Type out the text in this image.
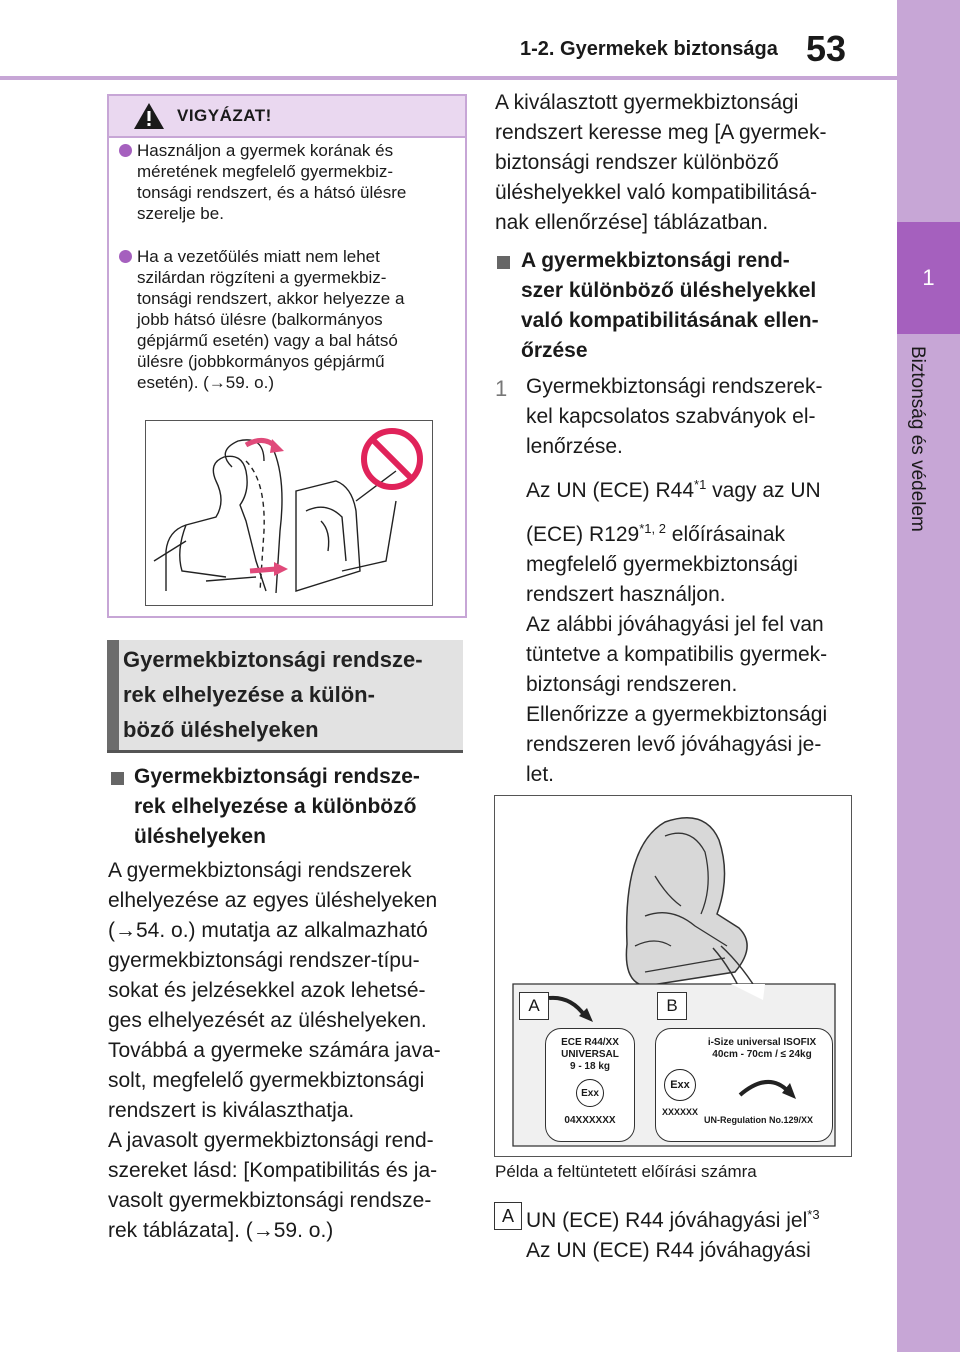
1-2. Gyermekek biztonsága 53
1
Biztonság és védelem
VIGYÁZAT!
Használjon a gyermek korának és
méretének megfelelő gyermekbiz-
tonsági rendszert, és a hátsó ülésre
szerelje be.
Ha a vezetőülés miatt nem lehet
szilárdan rögzíteni a gyermekbiz-
tonsági rendszert, akkor helyezze a
jobb hátsó ülésre (balkormányos
gépjármű esetén) vagy a bal hátsó
ülésre (jobbkormányos gépjármű
esetén). (→59. o.)
Gyermekbiztonsági rendsze-
rek elhelyezése a külön-
böző üléshelyeken
Gyermekbiztonsági rendsze-
rek elhelyezése a különböző
üléshelyeken
A gyermekbiztonsági rendszerek
elhelyezése az egyes üléshelyeken
(→54. o.) mutatja az alkalmazható
gyermekbiztonsági rendszer-típu-
sokat és jelzésekkel azok lehetsé-
ges elhelyezését az üléshelyeken.
Továbbá a gyermeke számára java-
solt, megfelelő gyermekbiztonsági
rendszert is kiválaszthatja.
A javasolt gyermekbiztonsági rend-
szereket lásd: [Kompatibilitás és ja-
vasolt gyermekbiztonsági rendsze-
rek táblázata]. (→59. o.)
A kiválasztott gyermekbiztonsági
rendszert keresse meg [A gyermek-
biztonsági rendszer különböző
üléshelyekkel való kompatibilitásá-
nak ellenőrzése] táblázatban.
A gyermekbiztonsági rend-
szer különböző üléshelyekkel
való kompatibilitásának ellen-
őrzése
1 Gyermekbiztonsági rendszerek-
kel kapcsolatos szabványok el-
lenőrzése.
Az UN (ECE) R44$^{*1}$ vagy az UN
(ECE) R129$^{*1, 2}$ előírásainak
megfelelő gyermekbiztonsági
rendszert használjon.
Az alábbi jóváhagyási jel fel van
tüntetve a kompatibilis gyermek-
biztonsági rendszeren.
Ellenőrizze a gyermekbiztonsági
rendszeren levő jóváhagyási je-
let.
A	B
ECE R44/XX
UNIVERSAL
9 - 18 kg
Exx
04XXXXXX
i-Size universal ISOFIX
40cm - 70cm / ≤ 24kg
Exx
XXXXXX
UN-Regulation No.129/XX
Példa a feltüntetett előírási számra
A UN (ECE) R44 jóváhagyási jel$^{*3}$
Az UN (ECE) R44 jóváhagyási
